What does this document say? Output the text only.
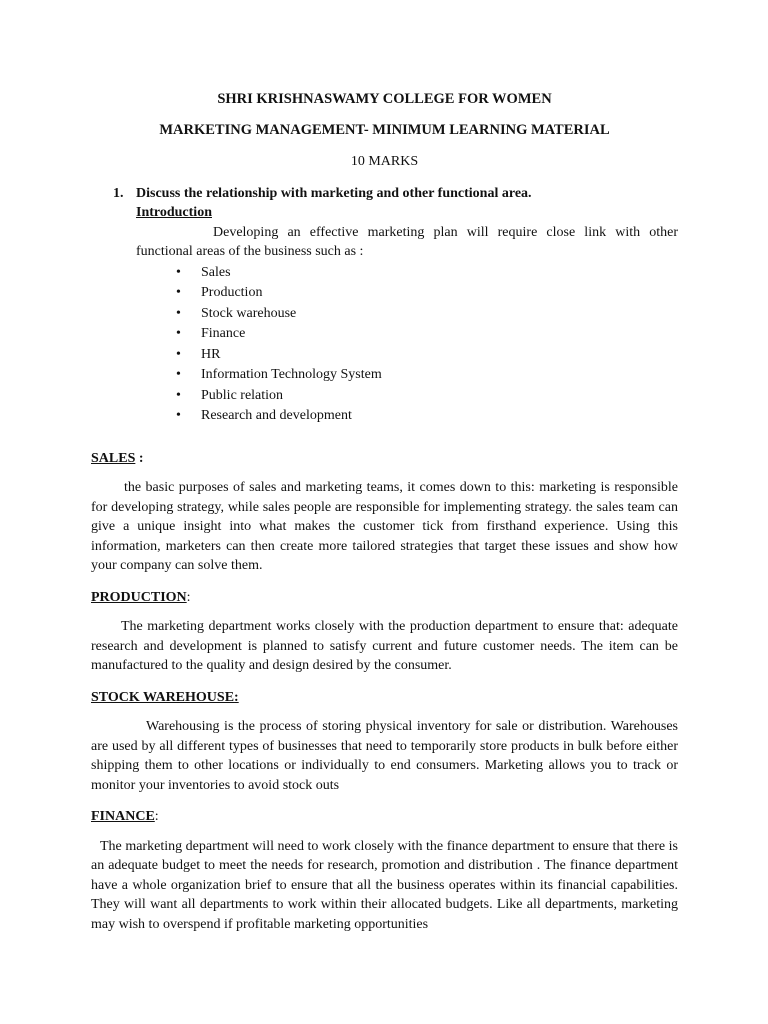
SHRI KRISHNASWAMY COLLEGE FOR WOMEN
MARKETING MANAGEMENT- MINIMUM LEARNING MATERIAL
10 MARKS
1. Discuss the relationship with marketing and other functional area.

Introduction

Developing an effective marketing plan will require close link with other functional areas of the business such as :

• Sales
• Production
• Stock warehouse
• Finance
• HR
• Information Technology System
• Public relation
• Research and development

SALES :

the basic purposes of sales and marketing teams, it comes down to this: marketing is responsible for developing strategy, while sales people are responsible for implementing strategy. the sales team can give a unique insight into what makes the customer tick from firsthand experience. Using this information, marketers can then create more tailored strategies that target these issues and show how your company can solve them.

PRODUCTION:

The marketing department works closely with the production department to ensure that: adequate research and development is planned to satisfy current and future customer needs. The item can be manufactured to the quality and design desired by the consumer.

STOCK WAREHOUSE:

Warehousing is the process of storing physical inventory for sale or distribution. Warehouses are used by all different types of businesses that need to temporarily store products in bulk before either shipping them to other locations or individually to end consumers. Marketing allows you to track or monitor your inventories to avoid stock outs

FINANCE:

The marketing department will need to work closely with the finance department to ensure that there is an adequate budget to meet the needs for research, promotion and distribution . The finance department have a whole organization brief to ensure that all the business operates within its financial capabilities. They will want all departments to work within their allocated budgets. Like all departments, marketing may wish to overspend if profitable marketing opportunities
